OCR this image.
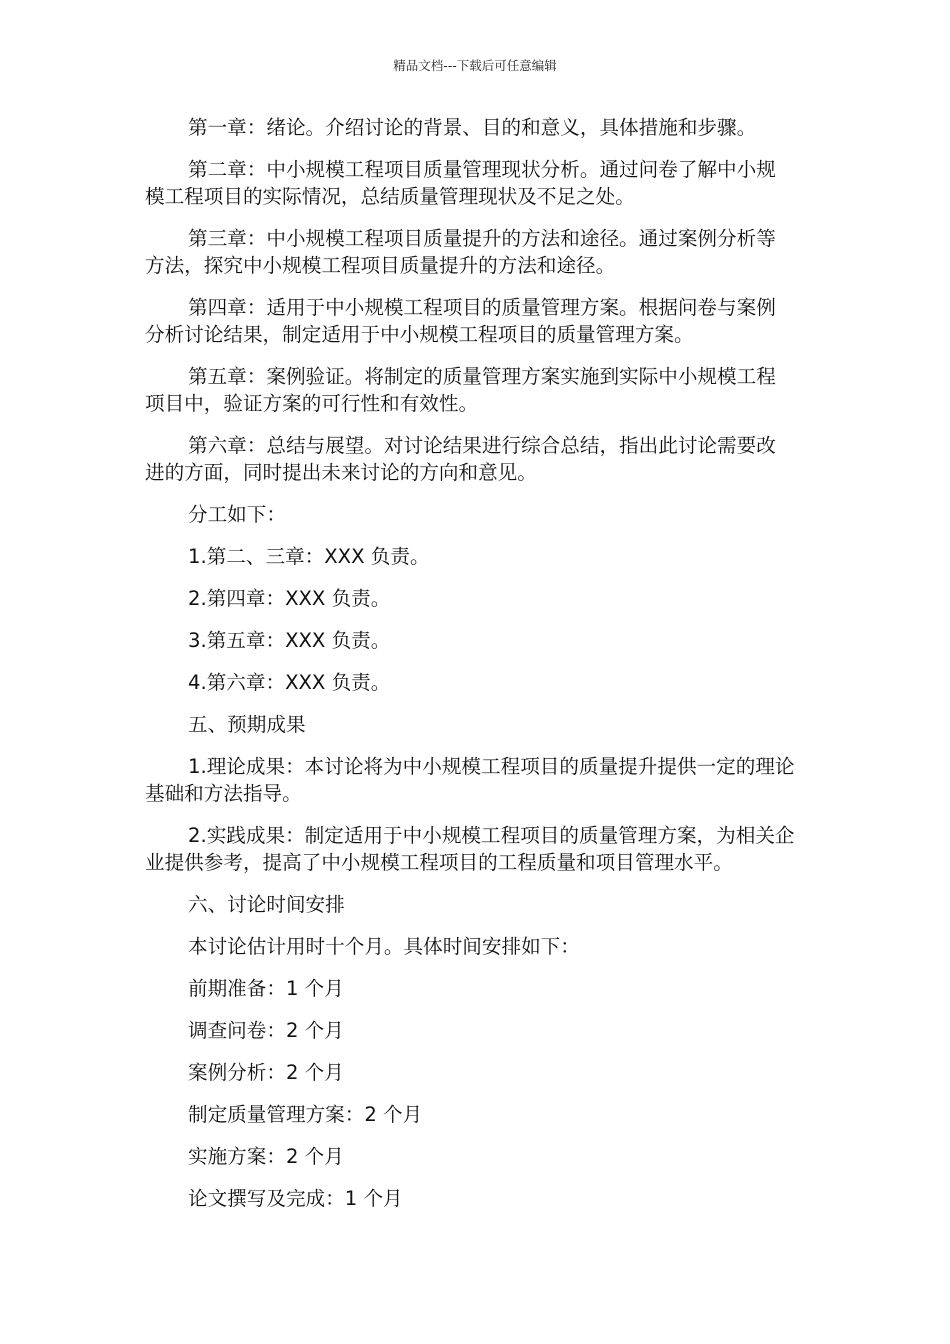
精品文档---下载后可任意编辑

第一章：绪论。介绍讨论的背景、目的和意义，具体措施和步骤。

第二章：中小规模工程项目质量管理现状分析。通过问卷了解中小规模工程项目的实际情况，总结质量管理现状及不足之处。

第三章：中小规模工程项目质量提升的方法和途径。通过案例分析等方法，探究中小规模工程项目质量提升的方法和途径。

第四章：适用于中小规模工程项目的质量管理方案。根据问卷与案例分析讨论结果，制定适用于中小规模工程项目的质量管理方案。

第五章：案例验证。将制定的质量管理方案实施到实际中小规模工程项目中，验证方案的可行性和有效性。

第六章：总结与展望。对讨论结果进行综合总结，指出此讨论需要改进的方面，同时提出未来讨论的方向和意见。

分工如下：

1.第二、三章：XXX 负责。

2.第四章：XXX 负责。

3.第五章：XXX 负责。

4.第六章：XXX 负责。

五、预期成果

1.理论成果：本讨论将为中小规模工程项目的质量提升提供一定的理论基础和方法指导。

2.实践成果：制定适用于中小规模工程项目的质量管理方案，为相关企业提供参考，提高了中小规模工程项目的工程质量和项目管理水平。

六、讨论时间安排

本讨论估计用时十个月。具体时间安排如下：

前期准备：1 个月

调查问卷：2 个月

案例分析：2 个月

制定质量管理方案：2 个月

实施方案：2 个月

论文撰写及完成：1 个月
